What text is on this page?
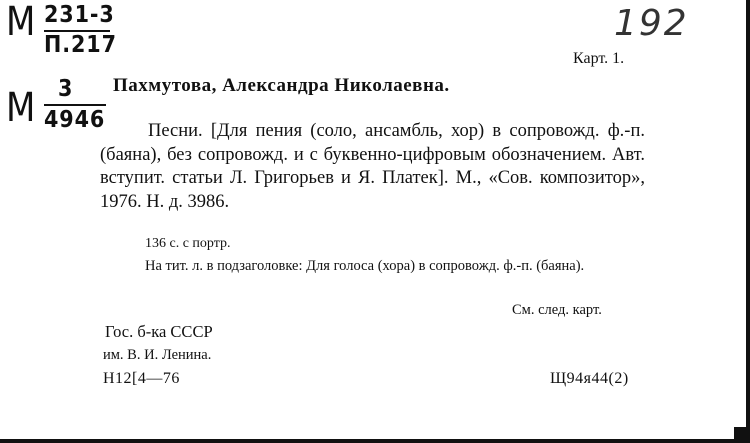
М 231-3
П.217
М 3
4946
192
Карт. 1.
Пахмутова, Александра Николаевна.
Песни. [Для пения (соло, ансамбль, хор) в сопровожд. ф.-п. (баяна), без сопровожд. и с буквенно-цифровым обозначением. Авт. вступит. статьи Л. Григорьев и Я. Платек]. М., «Сов. композитор», 1976. Н. д. 3986.
136 с. с портр.
На тит. л. в подзаголовке: Для голоса (хора) в сопровожд. ф.-п. (баяна).
См. след. карт.
Гос. б-ка СССР
им. В. И. Ленина.
Н12[4—76	Щ94я44(2)
